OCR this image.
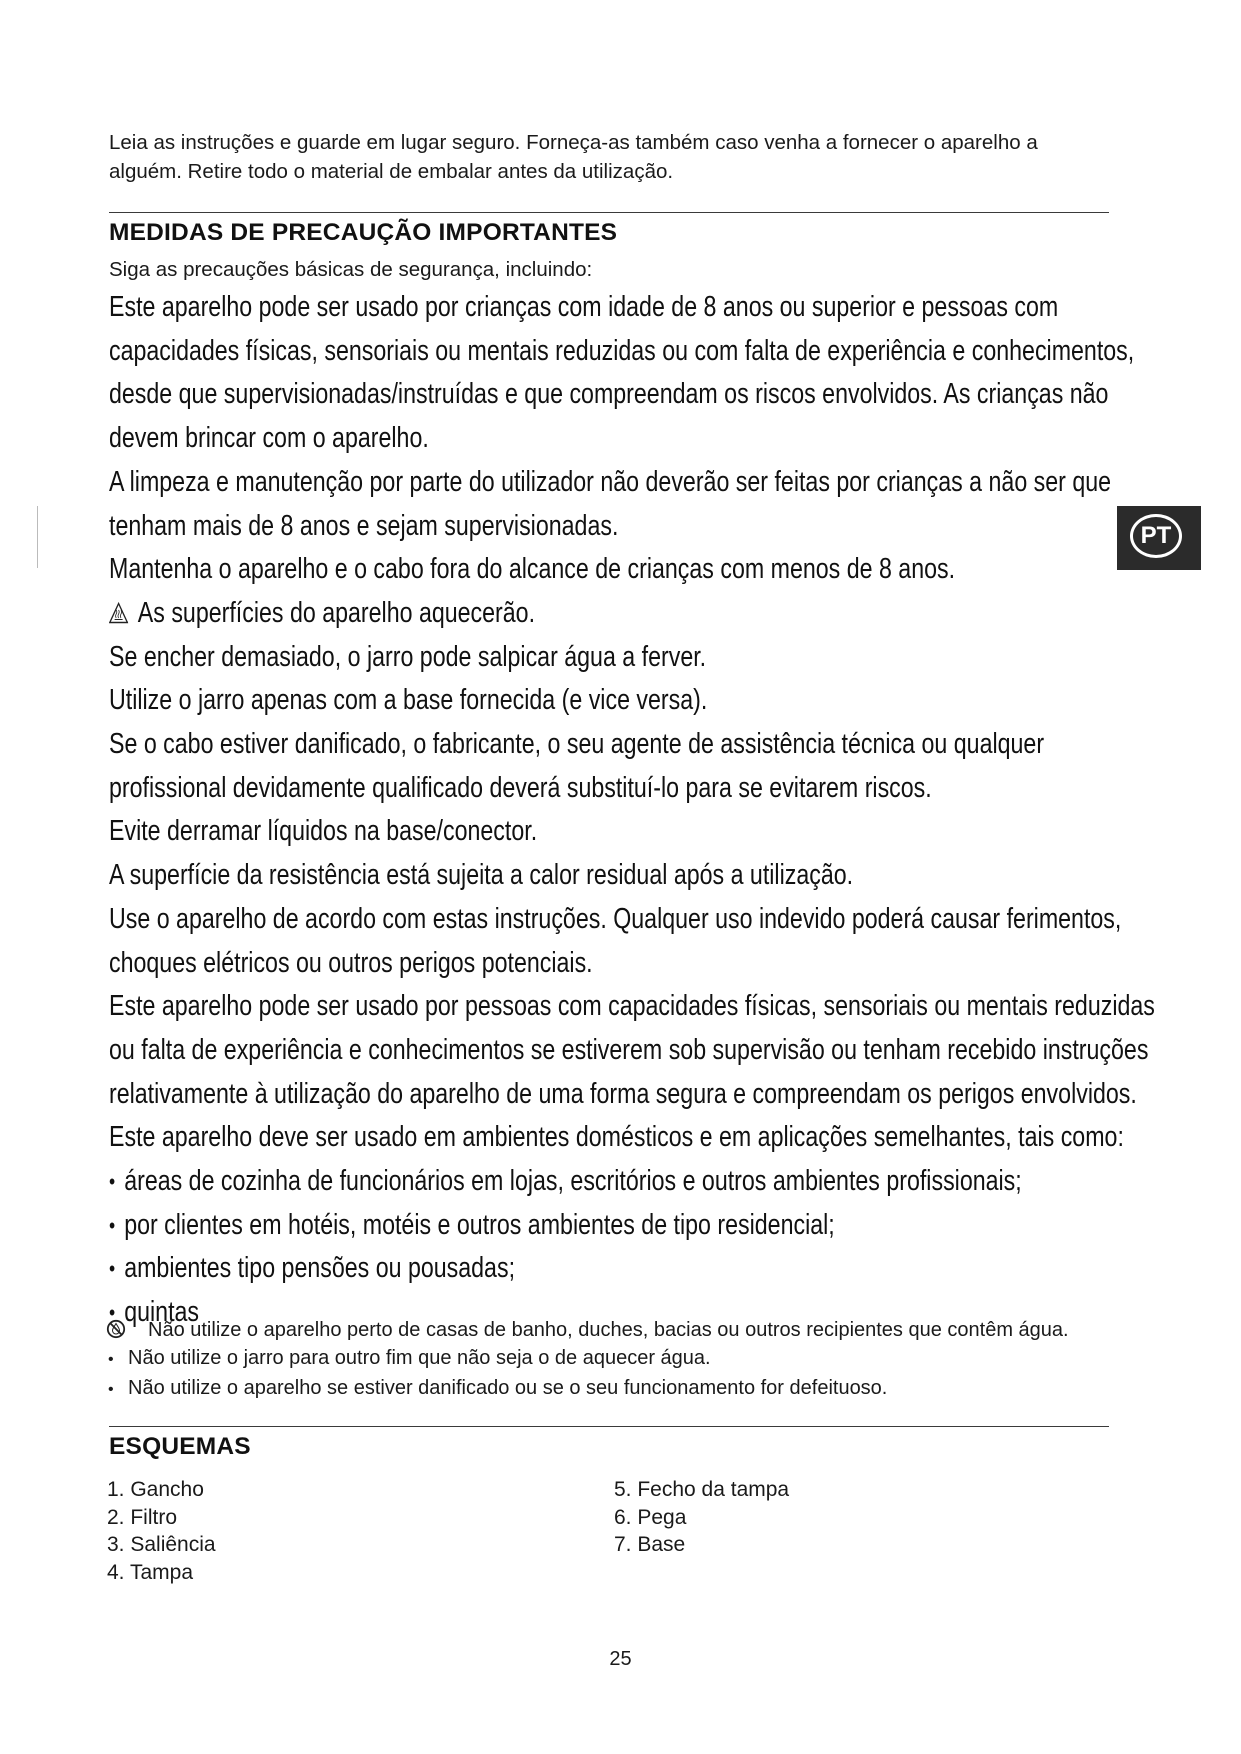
Leia as instruções e guarde em lugar seguro. Forneça-as também caso venha a fornecer o aparelho a alguém. Retire todo o material de embalar antes da utilização.
MEDIDAS DE PRECAUÇÃO IMPORTANTES
Siga as precauções básicas de segurança, incluindo:

Este aparelho pode ser usado por crianças com idade de 8 anos ou superior e pessoas com capacidades físicas, sensoriais ou mentais reduzidas ou com falta de experiência e conhecimentos, desde que supervisionadas/instruídas e que compreendam os riscos envolvidos. As crianças não devem brincar com o aparelho.

A limpeza e manutenção por parte do utilizador não deverão ser feitas por crianças a não ser que tenham mais de 8 anos e sejam supervisionadas.

Mantenha o aparelho e o cabo fora do alcance de crianças com menos de 8 anos.

As superfícies do aparelho aquecerão.

Se encher demasiado, o jarro pode salpicar água a ferver.

Utilize o jarro apenas com a base fornecida (e vice versa).

Se o cabo estiver danificado, o fabricante, o seu agente de assistência técnica ou qualquer profissional devidamente qualificado deverá substituí-lo para se evitarem riscos.

Evite derramar líquidos na base/conector.

A superfície da resistência está sujeita a calor residual após a utilização.

Use o aparelho de acordo com estas instruções. Qualquer uso indevido poderá causar ferimentos, choques elétricos ou outros perigos potenciais.

Este aparelho pode ser usado por pessoas com capacidades físicas, sensoriais ou mentais reduzidas ou falta de experiência e conhecimentos se estiverem sob supervisão ou tenham recebido instruções relativamente à utilização do aparelho de uma forma segura e compreendam os perigos envolvidos.

Este aparelho deve ser usado em ambientes domésticos e em aplicações semelhantes, tais como:

• áreas de cozinha de funcionários em lojas, escritórios e outros ambientes profissionais;

• por clientes em hotéis, motéis e outros ambientes de tipo residencial;

• ambientes tipo pensões ou pousadas;

• quintas

Não utilize o aparelho perto de casas de banho, duches, bacias ou outros recipientes que contêm água.
• Não utilize o jarro para outro fim que não seja o de aquecer água.
• Não utilize o aparelho se estiver danificado ou se o seu funcionamento for defeituoso.
ESQUEMAS
1. Gancho
2. Filtro
3. Saliência
4. Tampa
5. Fecho da tampa
6. Pega
7. Base
PT
25
